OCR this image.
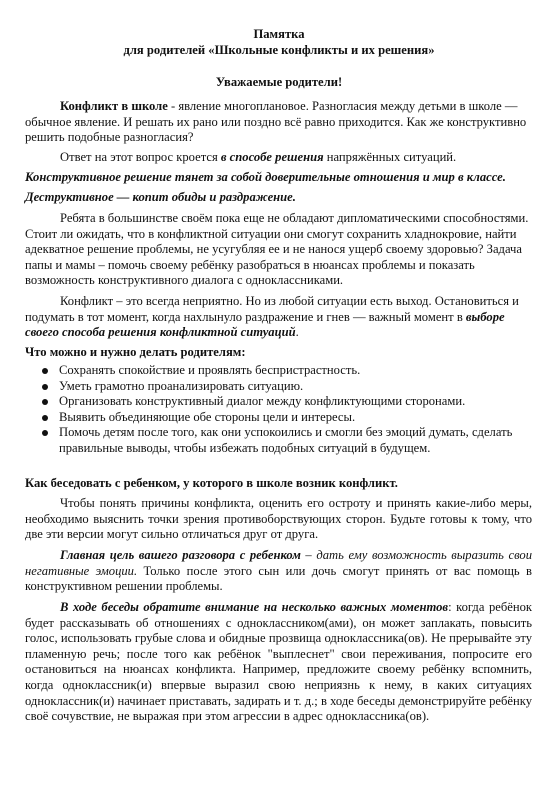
Памятка
для родителей «Школьные конфликты и их решения»
Уважаемые родители!

Конфликт в школе - явление многоплановое. Разногласия между детьми в школе — обычное явление. И решать их рано или поздно всё равно приходится. Как же конструктивно решить подобные разногласия?

Ответ на этот вопрос кроется в способе решения напряжённых ситуаций.

Конструктивное решение тянет за собой доверительные отношения и мир в классе.

Деструктивное — копит обиды и раздражение.

Ребята в большинстве своём пока еще не обладают дипломатическими способностями. Стоит ли ожидать, что в конфликтной ситуации они смогут сохранить хладнокровие, найти адекватное решение проблемы, не усугубляя ее и не нанося ущерб своему здоровью? Задача папы и мамы – помочь своему ребёнку разобраться в нюансах проблемы и показать возможность конструктивного диалога с одноклассниками.

Конфликт – это всегда неприятно. Но из любой ситуации есть выход. Остановиться и подумать в тот момент, когда нахлынуло раздражение и гнев — важный момент в выборе своего способа решения конфликтной ситуаций.

Что можно и нужно делать родителям:

Сохранять спокойствие и проявлять беспристрастность.
Уметь грамотно проанализировать ситуацию.
Организовать конструктивный диалог между конфликтующими сторонами.
Выявить объединяющие обе стороны цели и интересы.
Помочь детям после того, как они успокоились и смогли без эмоций думать, сделать правильные выводы, чтобы избежать подобных ситуаций в будущем.

Как беседовать с ребенком, у которого в школе возник конфликт.

Чтобы понять причины конфликта, оценить его остроту и принять какие-либо меры, необходимо выяснить точки зрения противоборствующих сторон. Будьте готовы к тому, что две эти версии могут сильно отличаться друг от друга.

Главная цель вашего разговора с ребенком – дать ему возможность выразить свои негативные эмоции. Только после этого сын или дочь смогут принять от вас помощь в конструктивном решении проблемы.

В ходе беседы обратите внимание на несколько важных моментов: когда ребёнок будет рассказывать об отношениях с одноклассником(ами), он может заплакать, повысить голос, использовать грубые слова и обидные прозвища одноклассника(ов). Не прерывайте эту пламенную речь; после того как ребёнок "выплеснет" свои переживания, попросите его остановиться на нюансах конфликта. Например, предложите своему ребёнку вспомнить, когда одноклассник(и) впервые выразил свою неприязнь к нему, в каких ситуациях одноклассник(и) начинает приставать, задирать и т. д.; в ходе беседы демонстрируйте ребёнку своё сочувствие, не выражая при этом агрессии в адрес одноклассника(ов).
